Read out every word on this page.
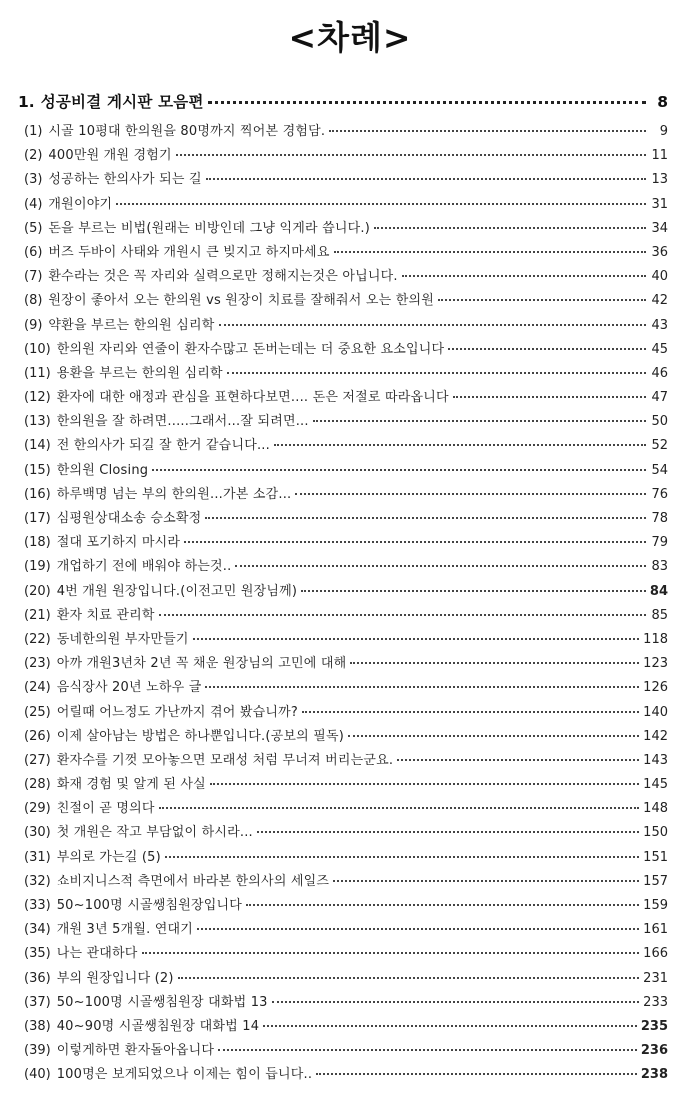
<차례>
1. 성공비결 게시판 모음편	8
(1) 시골 10평대 한의원을 80명까지 찍어본 경험담.	9
(2) 400만원 개원 경험기	11
(3) 성공하는 한의사가 되는 길	13
(4) 개원이야기	31
(5) 돈을 부르는 비법(원래는 비방인데 그냥 익게라 씁니다.)	34
(6) 버즈 두바이 사태와 개원시 큰 빚지고 하지마세요	36
(7) 환수라는 것은 꼭 자리와 실력으로만 정해지는것은 아닙니다.	40
(8) 원장이 좋아서 오는 한의원 vs 원장이 치료를 잘해줘서 오는 한의원	42
(9) 약환을 부르는 한의원 심리학	43
(10) 한의원 자리와 연줄이 환자수많고 돈버는데는 더 중요한 요소입니다	45
(11) 용환을 부르는 한의원 심리학	46
(12) 환자에 대한 애정과 관심을 표현하다보면.... 돈은 저절로 따라옵니다	47
(13) 한의원을 잘 하려면.....그래서...잘 되려면...	50
(14) 전 한의사가 되길 잘 한거 같습니다...	52
(15) 한의원 Closing	54
(16) 하루백명 넘는 부의 한의원...가본 소감...	76
(17) 심평원상대소송 승소확정	78
(18) 절대 포기하지 마시라	79
(19) 개업하기 전에 배워야 하는것..	83
(20) 4번 개원 원장입니다.(이전고민 원장님께)	84
(21) 환자 치료 관리학	85
(22) 동네한의원 부자만들기	118
(23) 아까 개원3년차 2년 꼭 채운 원장님의 고민에 대해	123
(24) 음식장사 20년 노하우 글	126
(25) 어릴때 어느정도 가난까지 겪어 봤습니까?	140
(26) 이제 살아남는 방법은 하나뿐입니다.(공보의 필독)	142
(27) 환자수를 기껏 모아놓으면 모래성 처럼 무너져 버리는군요.	143
(28) 화재 경험 및 알게 된 사실	145
(29) 친절이 곧 명의다	148
(30) 첫 개원은 작고 부담없이 하시라...	150
(31) 부의로 가는길 (5)	151
(32) 쇼비지니스적 측면에서 바라본 한의사의 세일즈	157
(33) 50~100명 시골쌩침원장입니다	159
(34) 개원 3년 5개월. 연대기	161
(35) 나는 관대하다	166
(36) 부의 원장입니다 (2)	231
(37) 50~100명 시골쌩침원장 대화법 13	233
(38) 40~90명 시골쌩침원장 대화법 14	235
(39) 이렇게하면 환자돌아옵니다	236
(40) 100명은 보게되었으나 이제는 힘이 듭니다..	238
